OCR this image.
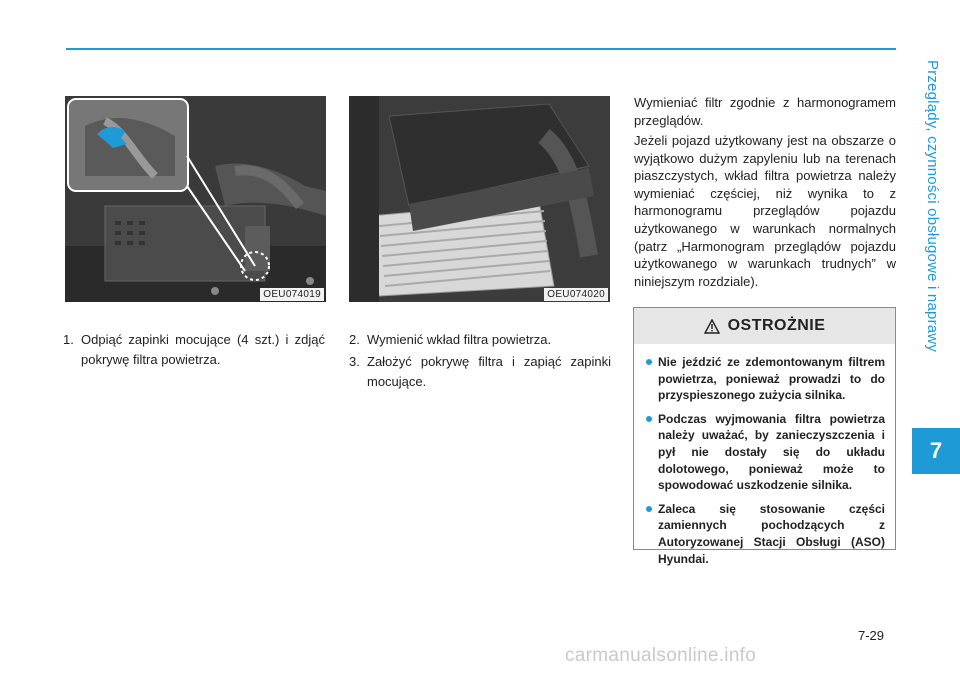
Przeglądy, czynności obsługowe i naprawy
7
OEU074019	OEU074020
1. Odpiąć zapinki mocujące (4 szt.) i zdjąć pokrywę filtra powietrza.
2. Wymienić wkład filtra powietrza.
3. Założyć pokrywę filtra i zapiąć zapinki mocujące.

Wymieniać filtr zgodnie z harmonogramem przeglądów.

Jeżeli pojazd użytkowany jest na obszarze o wyjątkowo dużym zapyleniu lub na terenach piaszczystych, wkład filtra powietrza należy wymieniać częściej, niż wynika to z harmonogramu przeglądów pojazdu użytkowanego w warunkach normalnych (patrz „Harmonogram przeglądów pojazdu użytkowanego w warunkach trudnych” w niniejszym rozdziale).

OSTROŻNIE
Nie jeździć ze zdemontowanym filtrem powietrza, ponieważ prowadzi to do przyspieszonego zużycia silnika.
Podczas wyjmowania filtra powietrza należy uważać, by zanieczyszczenia i pył nie dostały się do układu dolotowego, ponieważ może to spowodować uszkodzenie silnika.
Zaleca się stosowanie części zamiennych pochodzących z Autoryzowanej Stacji Obsługi (ASO) Hyundai.
7-29
carmanualsonline.info
